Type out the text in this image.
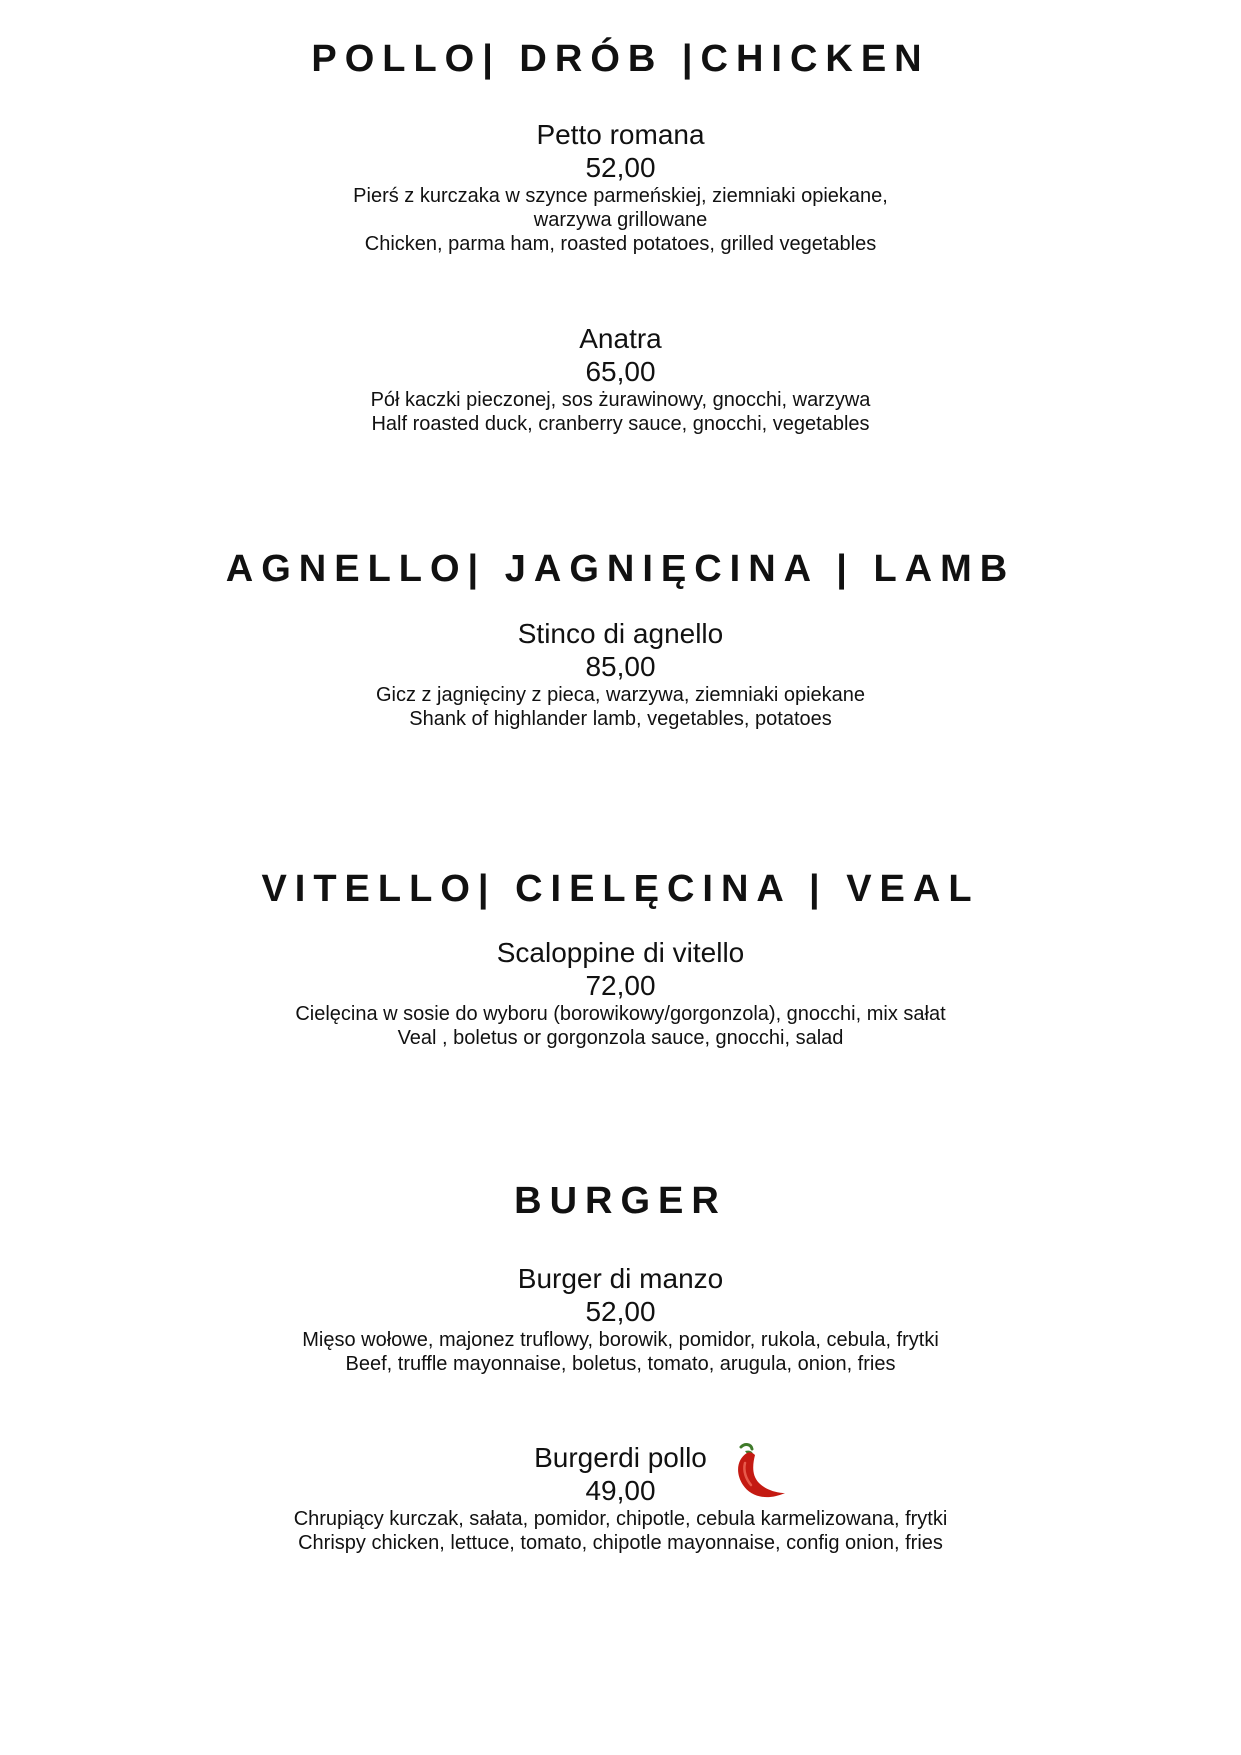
POLLO| DRÓB |CHICKEN

Petto romana

52,00

Pierś z kurczaka w szynce parmeńskiej, ziemniaki opiekane,

warzywa grillowane

Chicken, parma ham, roasted potatoes, grilled vegetables

Anatra

65,00

Pół kaczki pieczonej, sos żurawinowy, gnocchi, warzywa

Half roasted duck, cranberry sauce, gnocchi, vegetables

AGNELLO| JAGNIĘCINA | LAMB

Stinco di agnello

85,00

Gicz z jagnięciny z pieca, warzywa, ziemniaki opiekane

Shank of highlander lamb, vegetables, potatoes

VITELLO| CIELĘCINA | VEAL

Scaloppine di vitello

72,00

Cielęcina w sosie do wyboru (borowikowy/gorgonzola), gnocchi, mix sałat

Veal , boletus or gorgonzola sauce, gnocchi, salad

BURGER

Burger di manzo

52,00

Mięso wołowe, majonez truflowy, borowik, pomidor, rukola, cebula, frytki

Beef, truffle mayonnaise, boletus, tomato, arugula, onion, fries

Burgerdi pollo

49,00

Chrupiący kurczak, sałata, pomidor, chipotle, cebula karmelizowana, frytki

Chrispy chicken, lettuce, tomato, chipotle mayonnaise, config onion, fries
